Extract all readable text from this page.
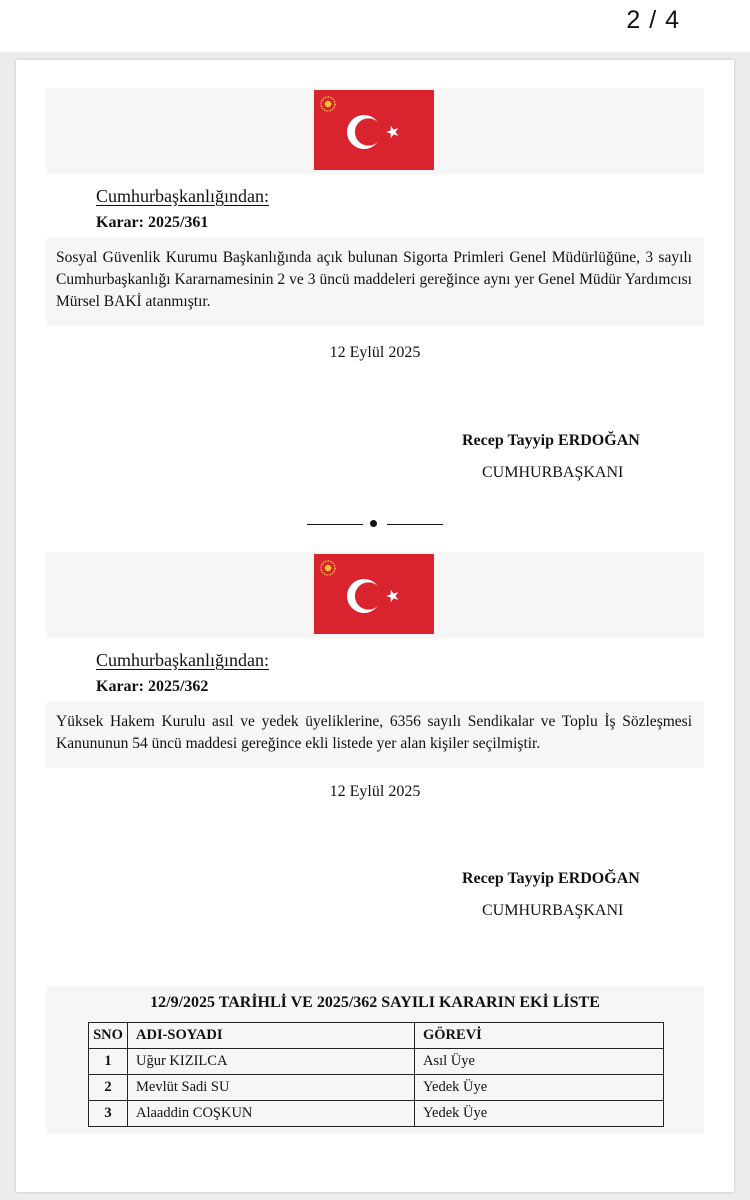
2 / 4
Cumhurbaşkanlığından:
Karar: 2025/361
Sosyal Güvenlik Kurumu Başkanlığında açık bulunan Sigorta Primleri Genel Müdürlüğüne, 3 sayılı Cumhurbaşkanlığı Kararnamesinin 2 ve 3 üncü maddeleri gereğince aynı yer Genel Müdür Yardımcısı Mürsel BAKİ atanmıştır.
12 Eylül 2025
Recep Tayyip ERDOĞAN
CUMHURBAŞKANI
Cumhurbaşkanlığından:
Karar: 2025/362
Yüksek Hakem Kurulu asıl ve yedek üyeliklerine, 6356 sayılı Sendikalar ve Toplu İş Sözleşmesi Kanununun 54 üncü maddesi gereğince ekli listede yer alan kişiler seçilmiştir.
12 Eylül 2025
Recep Tayyip ERDOĞAN
CUMHURBAŞKANI
12/9/2025 TARİHLİ VE 2025/362 SAYILI KARARIN EKİ LİSTE
SNO	ADI-SOYADI	GÖREVİ
1	Uğur KIZILCA	Asıl Üye
2	Mevlüt Sadi SU	Yedek Üye
3	Alaaddin COŞKUN	Yedek Üye
